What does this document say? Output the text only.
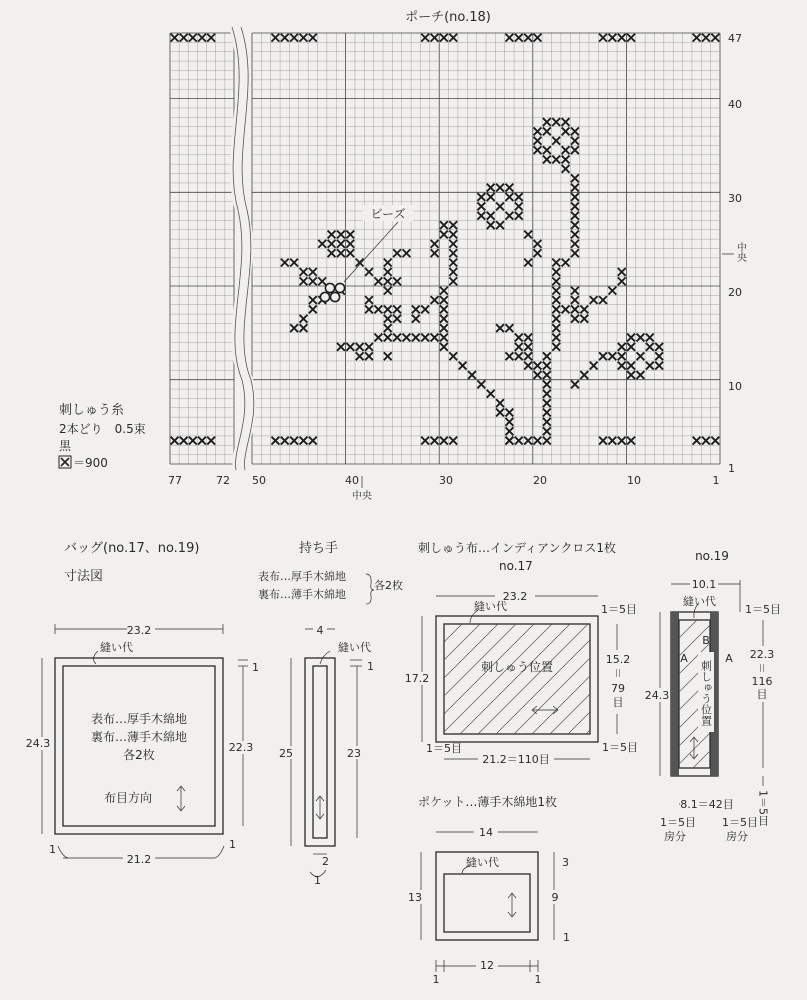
ポーチ(no.18)
ビーズ
47
40
30
20
10
1
中央
77	72 50	40	30	20	10	1
中央
刺しゅう糸
2本どり　0.5束
黒
＝900
バッグ(no.17、no.19)
寸法図
23.2
21.2
24.3	22.3
縫い代
1
1	1
表布…厚手木綿地
裏布…薄手木綿地
各2枚
布目方向
持ち手
表布…厚手木綿地
裏布…薄手木綿地
各2枚
4
25	23
縫い代
1
2
1
刺しゅう布…インディアンクロス1枚
no.17
23.2
17.2
15.2
＝
79
目
21.2＝110目
縫い代
刺しゅう位置
1＝5目
1＝5目	1＝5目
no.19
10.1
縫い代
1＝5目
B
A	A
刺しゅう位置
24.3
22.3
＝
116
目
1＝5目
8.1＝42目
1＝5目
房分
1＝5目
房分
ポケット…薄手木綿地1枚
14
13
縫い代	3
9
1
12
1	1
